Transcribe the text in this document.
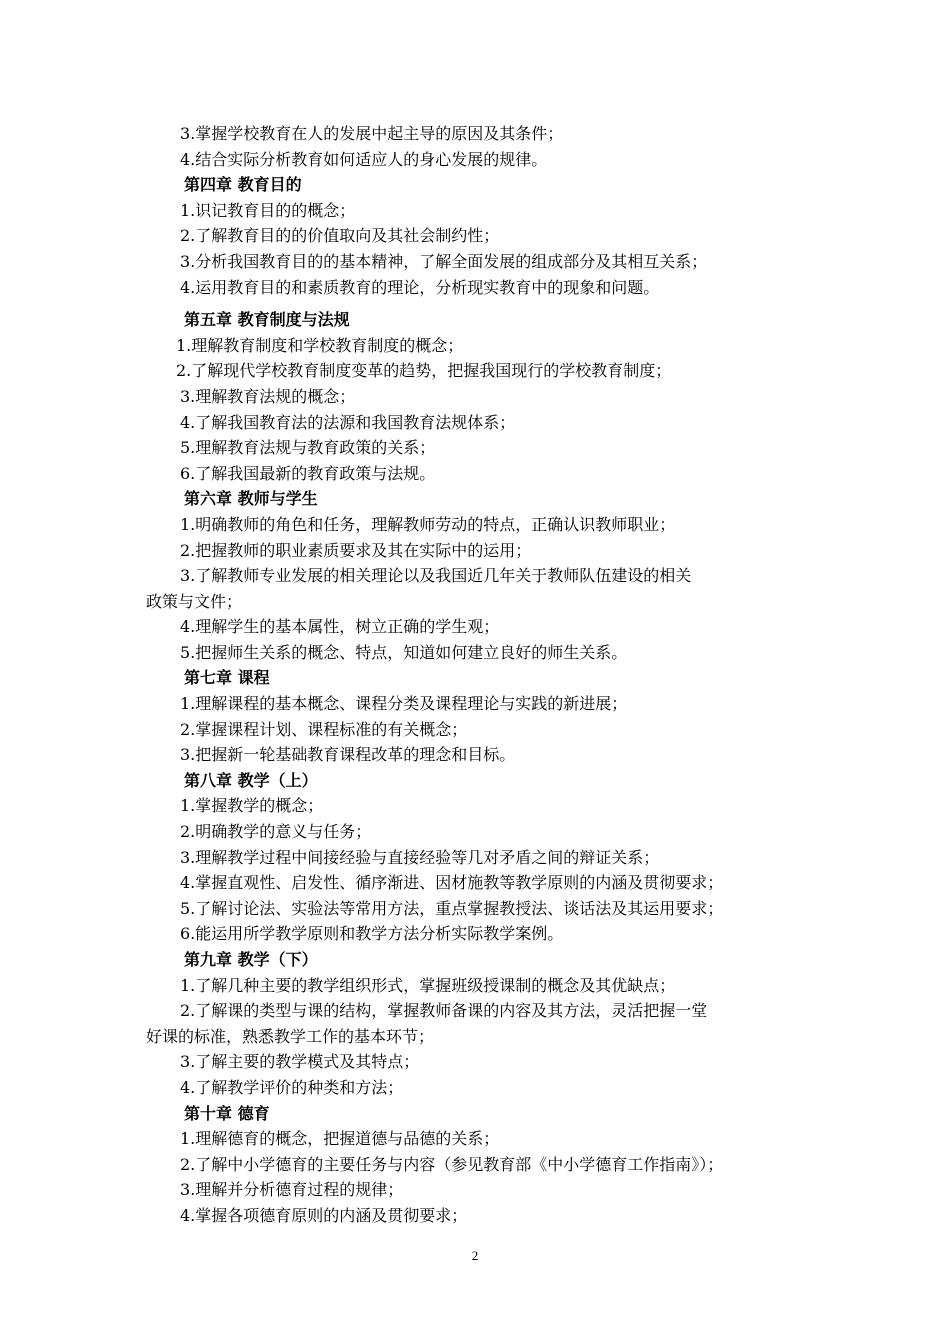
3.掌握学校教育在人的发展中起主导的原因及其条件；
4.结合实际分析教育如何适应人的身心发展的规律。
第四章 教育目的
1.识记教育目的的概念；
2.了解教育目的的价值取向及其社会制约性；
3.分析我国教育目的的基本精神，了解全面发展的组成部分及其相互关系；
4.运用教育目的和素质教育的理论，分析现实教育中的现象和问题。
第五章 教育制度与法规
1.理解教育制度和学校教育制度的概念；
2.了解现代学校教育制度变革的趋势，把握我国现行的学校教育制度；
3.理解教育法规的概念；
4.了解我国教育法的法源和我国教育法规体系；
5.理解教育法规与教育政策的关系；
6.了解我国最新的教育政策与法规。
第六章 教师与学生
1.明确教师的角色和任务，理解教师劳动的特点，正确认识教师职业；
2.把握教师的职业素质要求及其在实际中的运用；
3.了解教师专业发展的相关理论以及我国近几年关于教师队伍建设的相关
政策与文件；
4.理解学生的基本属性，树立正确的学生观；
5.把握师生关系的概念、特点，知道如何建立良好的师生关系。
第七章 课程
1.理解课程的基本概念、课程分类及课程理论与实践的新进展；
2.掌握课程计划、课程标准的有关概念；
3.把握新一轮基础教育课程改革的理念和目标。
第八章 教学（上）
1.掌握教学的概念；
2.明确教学的意义与任务；
3.理解教学过程中间接经验与直接经验等几对矛盾之间的辩证关系；
4.掌握直观性、启发性、循序渐进、因材施教等教学原则的内涵及贯彻要求；
5.了解讨论法、实验法等常用方法，重点掌握教授法、谈话法及其运用要求；
6.能运用所学教学原则和教学方法分析实际教学案例。
第九章 教学（下）
1.了解几种主要的教学组织形式，掌握班级授课制的概念及其优缺点；
2.了解课的类型与课的结构，掌握教师备课的内容及其方法，灵活把握一堂
好课的标准，熟悉教学工作的基本环节；
3.了解主要的教学模式及其特点；
4.了解教学评价的种类和方法；
第十章 德育
1.理解德育的概念，把握道德与品德的关系；
2.了解中小学德育的主要任务与内容（参见教育部《中小学德育工作指南》）；
3.理解并分析德育过程的规律；
4.掌握各项德育原则的内涵及贯彻要求；
2
